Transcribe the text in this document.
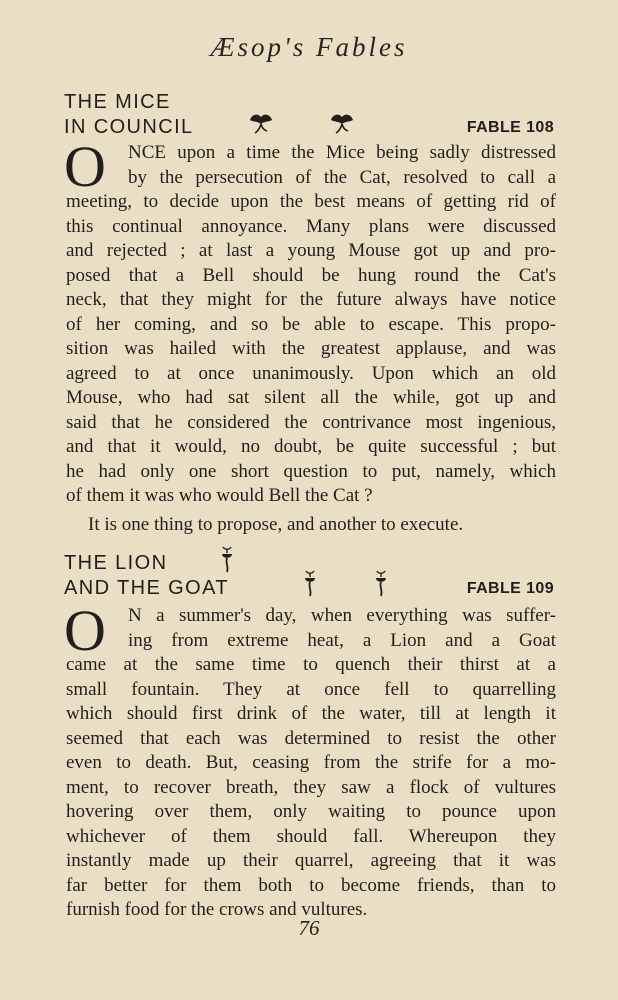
Æsop's Fables
THE MICE
IN COUNCIL	FABLE 108
O	NCE upon a time the Mice being sadly distressed
by the persecution of the Cat, resolved to call a
meeting, to decide upon the best means of getting rid of
this continual annoyance. Many plans were discussed
and rejected ; at last a young Mouse got up and pro-
posed that a Bell should be hung round the Cat's
neck, that they might for the future always have notice
of her coming, and so be able to escape. This propo-
sition was hailed with the greatest applause, and was
agreed to at once unanimously. Upon which an old
Mouse, who had sat silent all the while, got up and
said that he considered the contrivance most ingenious,
and that it would, no doubt, be quite successful ; but
he had only one short question to put, namely, which
of them it was who would Bell the Cat ?
It is one thing to propose, and another to execute.
THE LION
AND THE GOAT	FABLE 109
O	N a summer's day, when everything was suffer-
ing from extreme heat, a Lion and a Goat
came at the same time to quench their thirst at a
small fountain. They at once fell to quarrelling
which should first drink of the water, till at length it
seemed that each was determined to resist the other
even to death. But, ceasing from the strife for a mo-
ment, to recover breath, they saw a flock of vultures
hovering over them, only waiting to pounce upon
whichever of them should fall. Whereupon they
instantly made up their quarrel, agreeing that it was
far better for them both to become friends, than to
furnish food for the crows and vultures.
76
